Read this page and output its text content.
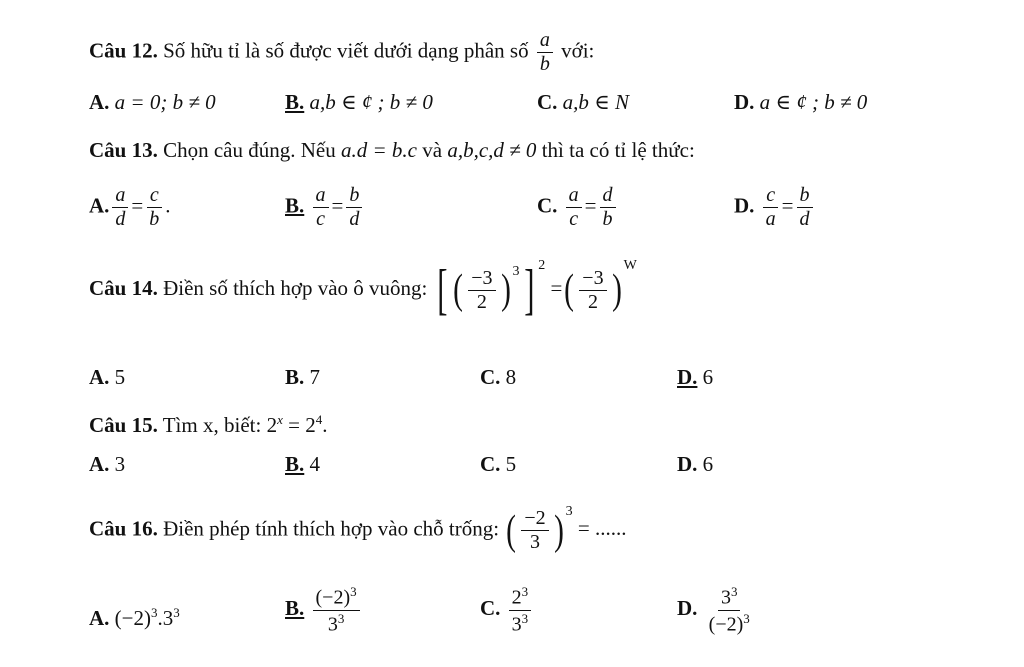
Câu 12. Số hữu tỉ là số được viết dưới dạng phân số $\frac{a}{b}$ với:
A. a = 0; b ≠ 0	B. a,b ∈ ¢ ; b ≠ 0	C. a,b ∈ N	D. a ∈ ¢ ; b ≠ 0
Câu 13. Chọn câu đúng. Nếu a.d = b.c và a,b,c,d ≠ 0 thì ta có tỉ lệ thức:
A. $\frac{a}{d} = \frac{c}{b}$ .	B. $\frac{a}{c} = \frac{b}{d}$	C. $\frac{a}{c} = \frac{d}{b}$	D. $\frac{c}{a} = \frac{b}{d}$
Câu 14. Điền số thích hợp vào ô vuông: [ ( $\frac{-3}{2}$ ) $^3$] $^2$ =( $\frac{-3}{2} )^W$
A. 5	B. 7	C. 8	D. 6
Câu 15. Tìm x, biết: $2^x = 2^4$.
A. 3	B. 4	C. 5	D. 6
Câu 16. Điền phép tính thích hợp vào chỗ trống: ( $\frac{-2}{3}$ ) $^3$ = ......
A. $(-2)^3.3^3$	B. $\frac{(-2)^3}{3^3}$	C. $\frac{2^3}{3^3}$	D. $\frac{3^3}{(-2)^3}$
